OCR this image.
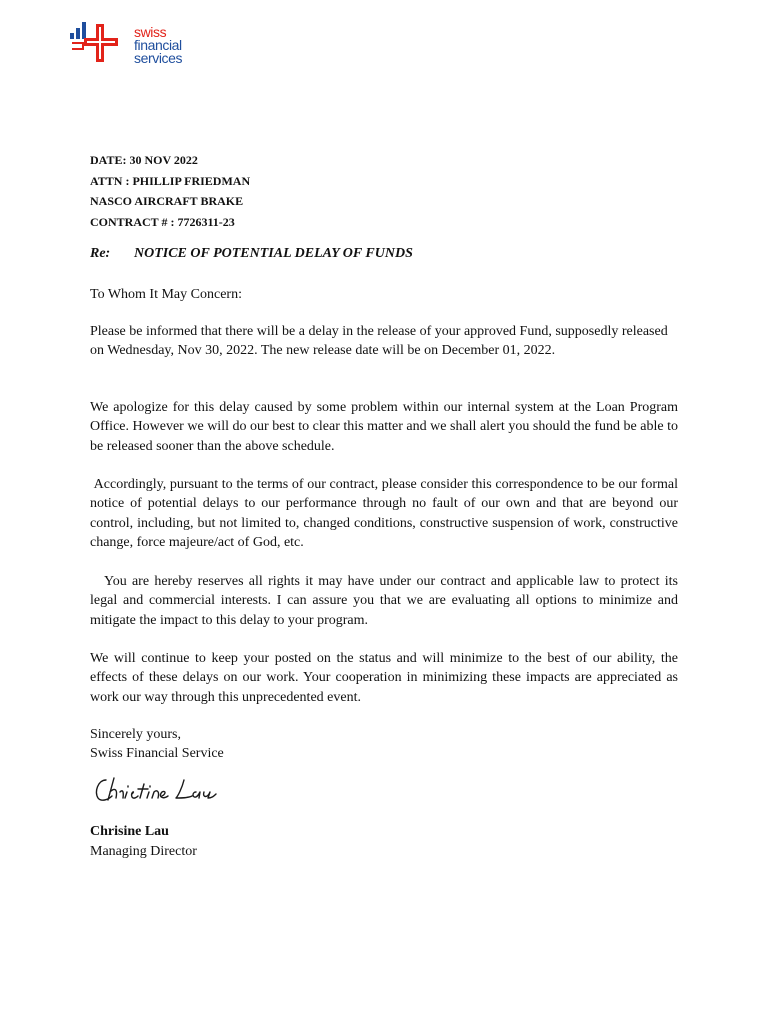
swiss
financial
services
DATE: 30 NOV 2022
ATTN : PHILLIP FRIEDMAN
NASCO AIRCRAFT BRAKE
CONTRACT # : 7726311-23
Re: NOTICE OF POTENTIAL DELAY OF FUNDS
To Whom It May Concern:
Please be informed that there will be a delay in the release of your approved Fund, supposedly released on Wednesday, Nov 30, 2022. The new release date will be on December 01, 2022.
We apologize for this delay caused by some problem within our internal system at the Loan Program Office. However we will do our best to clear this matter and we shall alert you should the fund be able to be released sooner than the above schedule.
Accordingly, pursuant to the terms of our contract, please consider this correspondence to be our formal notice of potential delays to our performance through no fault of our own and that are beyond our control, including, but not limited to, changed conditions, constructive suspension of work, constructive change, force majeure/act of God, etc.
You are hereby reserves all rights it may have under our contract and applicable law to protect its legal and commercial interests. I can assure you that we are evaluating all options to minimize and mitigate the impact to this delay to your program.
We will continue to keep your posted on the status and will minimize to the best of our ability, the effects of these delays on our work. Your cooperation in minimizing these impacts are appreciated as work our way through this unprecedented event.
Sincerely yours,
Swiss Financial Service
Chrisine Lau
Managing Director
